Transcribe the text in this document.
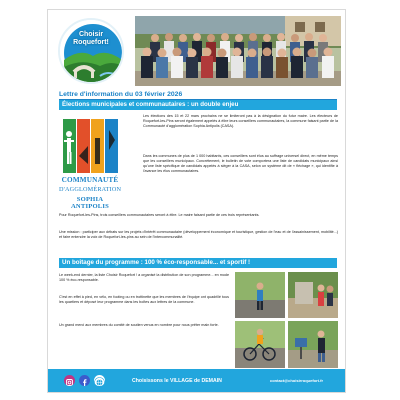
Choisir
Roquefort!
Lettre d'information du 03 février 2026
Élections municipales et communautaires : un double enjeu
COMMUNAUTÉ
D'AGGLOMÉRATION
SOPHIA ANTIPOLIS
Les élections des 15 et 22 mars prochains ne se limiteront pas à la désignation du futur maire. Les électeurs de Roquefort-les-Pins seront également appelés à élire leurs conseillers communautaires, la commune faisant partie de la Communauté d'agglomération Sophia Antipolis (CASA).
Dans les communes de plus de 1 000 habitants, ces conseillers sont élus au suffrage universel direct, en même temps que les conseillers municipaux. Concrètement, le bulletin de vote comportera une liste de candidats municipaux ainsi qu'une liste spécifique de candidats appelés à siéger à la CASA, selon un système dit de « fléchage », qui identifie à l'avance les élus communautaires.
Pour Roquefort-les-Pins, trois conseillers communautaires seront à élire. Le maire faisant partie de ces trois représentants.
Une mission : participer aux débats sur les projets d'intérêt communautaire (développement économique et touristique, gestion de l'eau et de l'assainissement, mobilité...) et faire entendre la voix de Roquefort-les-pins au sein de l'intercommunalité.
Un boîtage du programme : 100 % éco-responsable... et sportif !
Le week-end dernier, la liste Choisir Roquefort ! a organisé la distribution de son programme... en mode 100 % éco-responsable.
C'est en effet à pied, en vélo, en footing ou en trottinette que les membres de l'équipe ont quadrillé tous les quartiers et déposé leur programme dans les boîtes aux lettres de la commune.
Un grand merci aux membres du comité de soutien venus en nombre pour nous prêter main forte.
Choisissons le VILLAGE de DEMAIN	contact@choisirroquefort.fr
